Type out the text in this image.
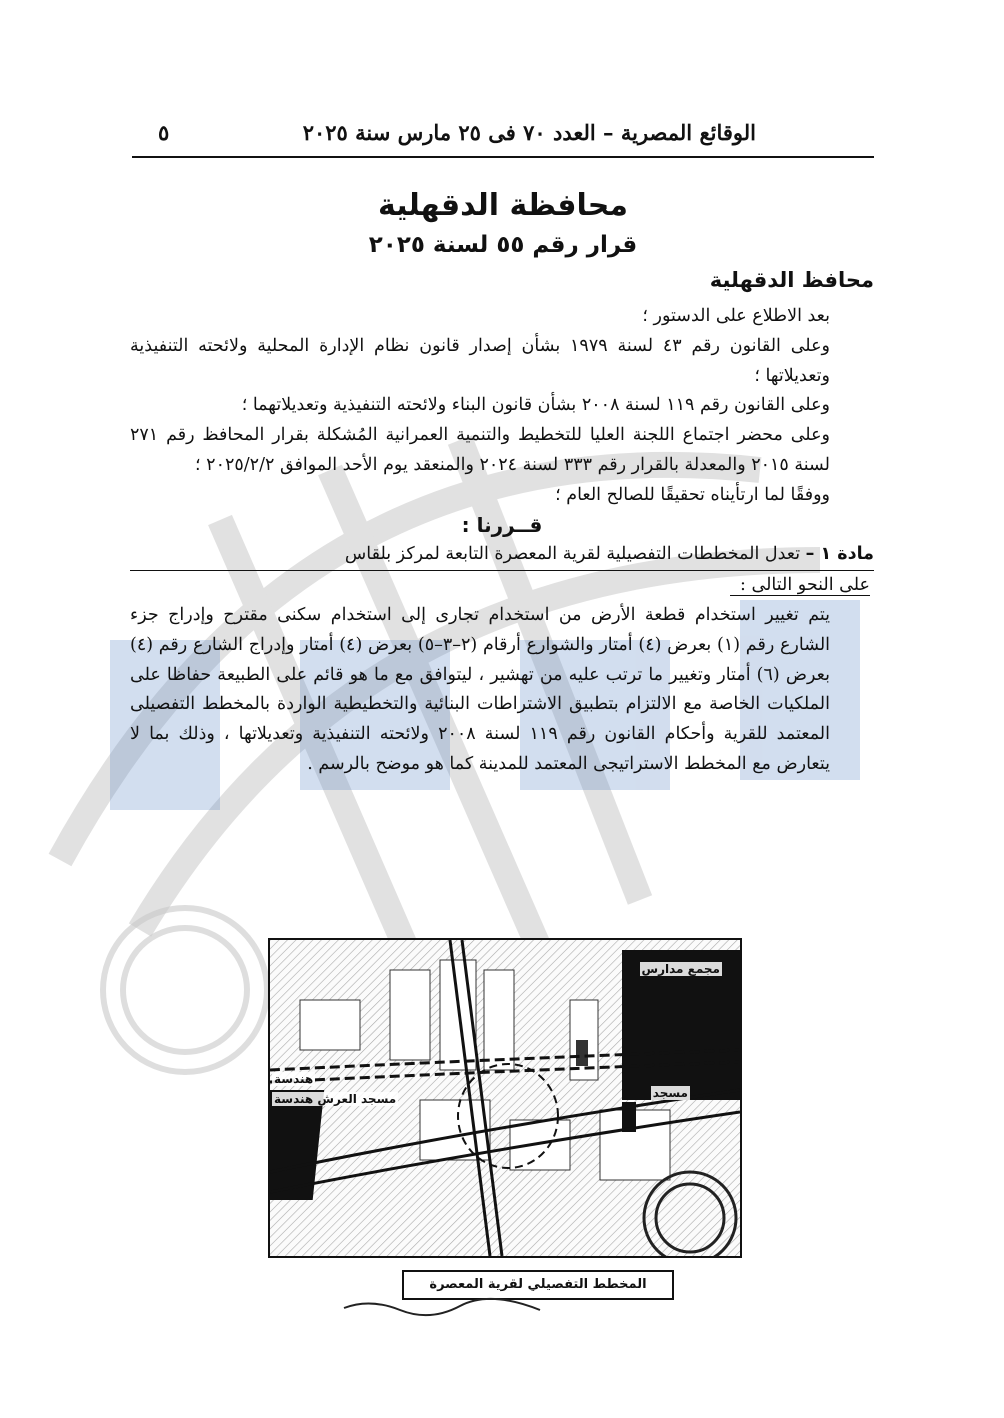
الوقائع المصرية – العدد ٧٠ فى ٢٥ مارس سنة ٢٠٢٥
٥
محافظة الدقهلية
قرار رقم ٥٥ لسنة ٢٠٢٥
محافظ الدقهلية

بعد الاطلاع على الدستور ؛

وعلى القانون رقم ٤٣ لسنة ١٩٧٩ بشأن إصدار قانون نظام الإدارة المحلية ولائحته التنفيذية وتعديلاتها ؛

وعلى القانون رقم ١١٩ لسنة ٢٠٠٨ بشأن قانون البناء ولائحته التنفيذية وتعديلاتهما ؛

وعلى محضر اجتماع اللجنة العليا للتخطيط والتنمية العمرانية المُشكلة بقرار المحافظ رقم ٢٧١ لسنة ٢٠١٥ والمعدلة بالقرار رقم ٣٣٣ لسنة ٢٠٢٤ والمنعقد يوم الأحد الموافق ٢٠٢٥/٢/٢ ؛

ووفقًا لما ارتأيناه تحقيقًا للصالح العام ؛

قــررنا :

مادة ١ – تعدل المخططات التفصيلية لقرية المعصرة التابعة لمركز بلقاس

على النحو التالى :

يتم تغيير استخدام قطعة الأرض من استخدام تجارى إلى استخدام سكنى مقترح وإدراج جزء الشارع رقم (١) بعرض (٤) أمتار والشوارع أرقام (٢–٣–٥) بعرض (٤) أمتار وإدراج الشارع رقم (٤) بعرض (٦) أمتار وتغيير ما ترتب عليه من تهشير ، ليتوافق مع ما هو قائم على الطبيعة حفاظا على الملكيات الخاصة مع الالتزام بتطبيق الاشتراطات البنائية والتخطيطية الواردة بالمخطط التفصيلى المعتمد للقرية وأحكام القانون رقم ١١٩ لسنة ٢٠٠٨ ولائحته التنفيذية وتعديلاتها ، وذلك بما لا يتعارض مع المخطط الاستراتيجى المعتمد للمدينة كما هو موضح بالرسم .

مجمع مدارس
مسجد
مسجد العرش هندسة
هندسة
المخطط التفصيلي لقرية المعصرة
